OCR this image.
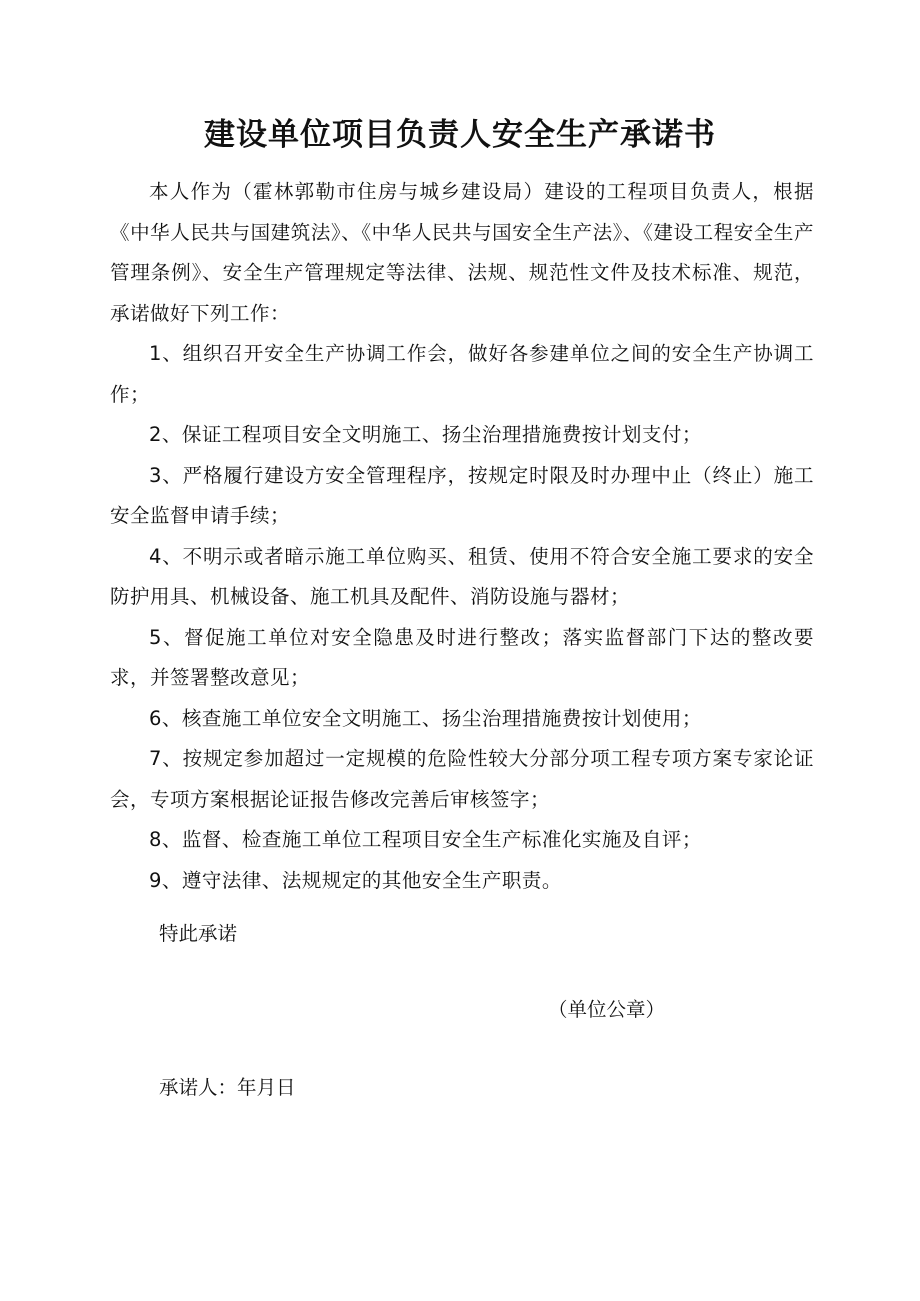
建设单位项目负责人安全生产承诺书

本人作为（霍林郭勒市住房与城乡建设局）建设的工程项目负责人，根据《中华人民共与国建筑法》、《中华人民共与国安全生产法》、《建设工程安全生产管理条例》、安全生产管理规定等法律、法规、规范性文件及技术标准、规范，承诺做好下列工作：

1、组织召开安全生产协调工作会，做好各参建单位之间的安全生产协调工作；

2、保证工程项目安全文明施工、扬尘治理措施费按计划支付；

3、严格履行建设方安全管理程序，按规定时限及时办理中止（终止）施工安全监督申请手续；

4、不明示或者暗示施工单位购买、租赁、使用不符合安全施工要求的安全防护用具、机械设备、施工机具及配件、消防设施与器材；

5、督促施工单位对安全隐患及时进行整改；落实监督部门下达的整改要求，并签署整改意见；

6、核查施工单位安全文明施工、扬尘治理措施费按计划使用；

7、按规定参加超过一定规模的危险性较大分部分项工程专项方案专家论证会，专项方案根据论证报告修改完善后审核签字；

8、监督、检查施工单位工程项目安全生产标准化实施及自评；

9、遵守法律、法规规定的其他安全生产职责。

特此承诺
（单位公章）
承诺人：年月日
